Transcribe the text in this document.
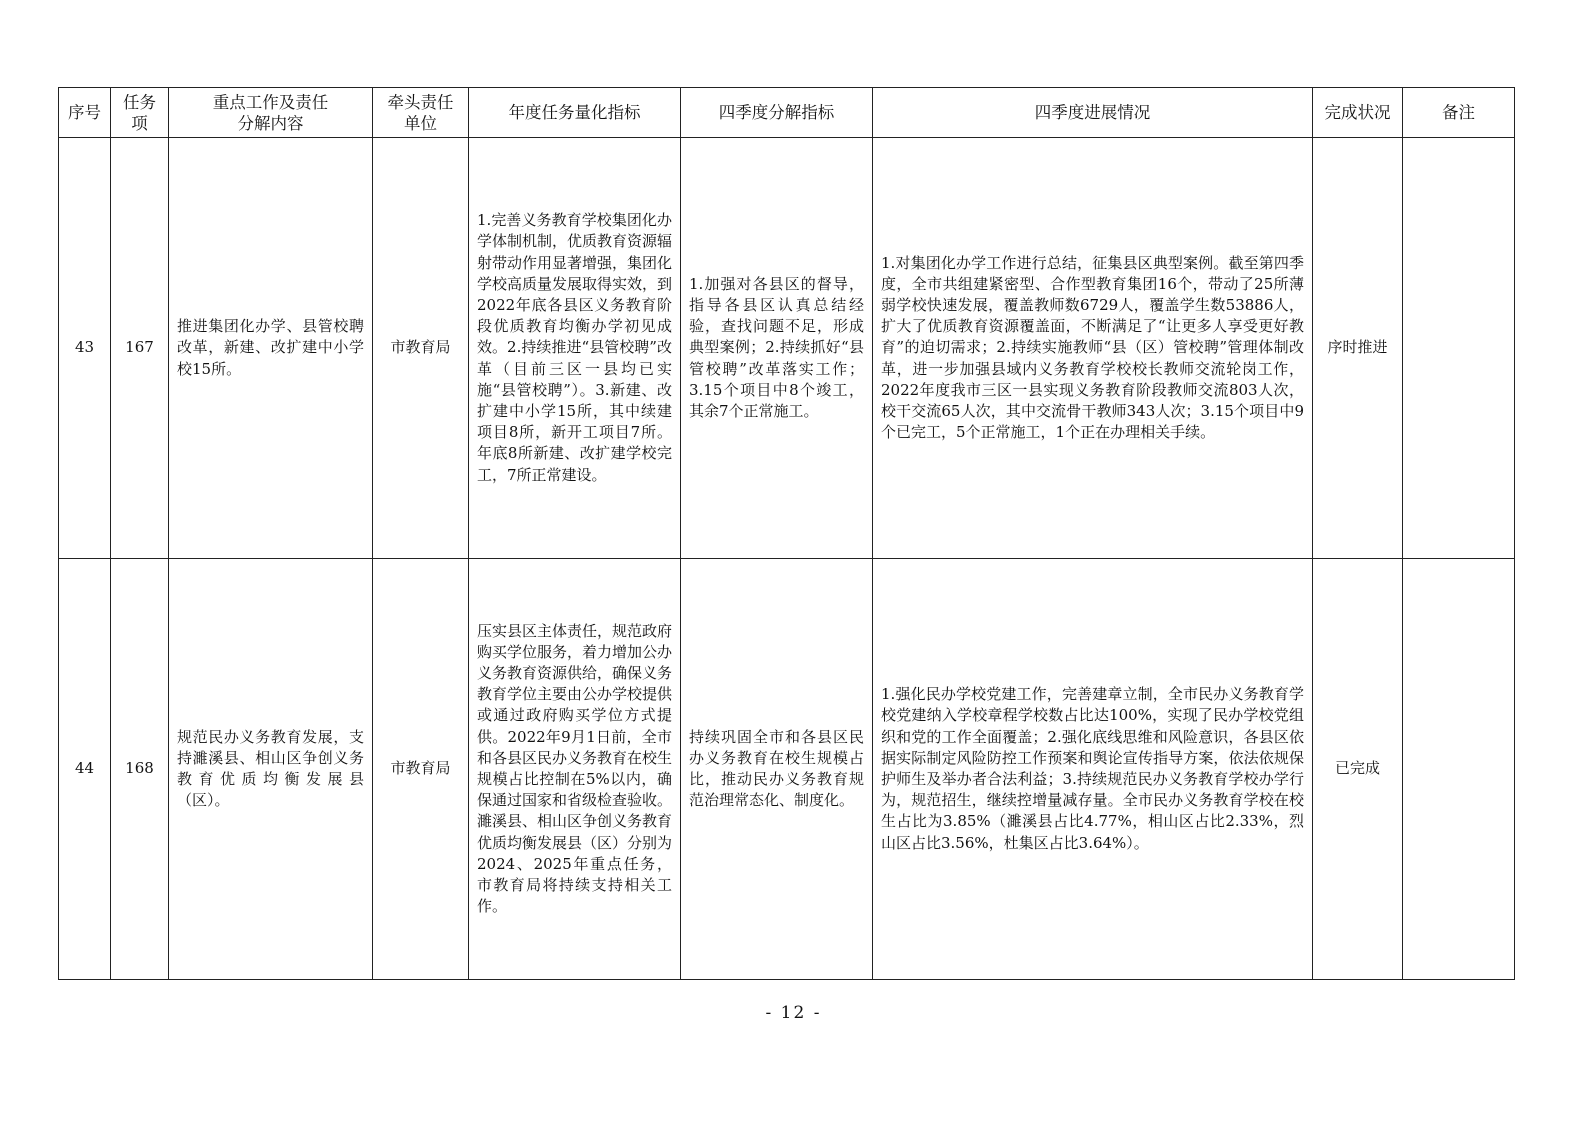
序号	任务项	重点工作及责任分解内容	牵头责任单位	年度任务量化指标	四季度分解指标	四季度进展情况	完成状况	备注
43	167	推进集团化办学、县管校聘改革，新建、改扩建中小学校15所。	市教育局	1.完善义务教育学校集团化办学体制机制，优质教育资源辐射带动作用显著增强，集团化学校高质量发展取得实效，到2022年底各县区义务教育阶段优质教育均衡办学初见成效。2.持续推进“县管校聘”改革（目前三区一县均已实施“县管校聘”）。3.新建、改扩建中小学15所，其中续建项目8所，新开工项目7所。年底8所新建、改扩建学校完工，7所正常建设。	1.加强对各县区的督导，指导各县区认真总结经验，查找问题不足，形成典型案例；2.持续抓好“县管校聘”改革落实工作；3.15个项目中8个竣工，其余7个正常施工。	1.对集团化办学工作进行总结，征集县区典型案例。截至第四季度，全市共组建紧密型、合作型教育集团16个，带动了25所薄弱学校快速发展，覆盖教师数6729人，覆盖学生数53886人，扩大了优质教育资源覆盖面，不断满足了“让更多人享受更好教育”的迫切需求；2.持续实施教师“县（区）管校聘”管理体制改革，进一步加强县域内义务教育学校校长教师交流轮岗工作，2022年度我市三区一县实现义务教育阶段教师交流803人次，校干交流65人次，其中交流骨干教师343人次；3.15个项目中9个已完工，5个正常施工，1个正在办理相关手续。	序时推进	
44	168	规范民办义务教育发展，支持濉溪县、相山区争创义务教育优质均衡发展县（区）。	市教育局	压实县区主体责任，规范政府购买学位服务，着力增加公办义务教育资源供给，确保义务教育学位主要由公办学校提供或通过政府购买学位方式提供。2022年9月1日前，全市和各县区民办义务教育在校生规模占比控制在5%以内，确保通过国家和省级检查验收。濉溪县、相山区争创义务教育优质均衡发展县（区）分别为2024、2025年重点任务，市教育局将持续支持相关工作。	持续巩固全市和各县区民办义务教育在校生规模占比，推动民办义务教育规范治理常态化、制度化。	1.强化民办学校党建工作，完善建章立制，全市民办义务教育学校党建纳入学校章程学校数占比达100%，实现了民办学校党组织和党的工作全面覆盖；2.强化底线思维和风险意识，各县区依据实际制定风险防控工作预案和舆论宣传指导方案，依法依规保护师生及举办者合法利益；3.持续规范民办义务教育学校办学行为，规范招生，继续控增量减存量。全市民办义务教育学校在校生占比为3.85%（濉溪县占比4.77%，相山区占比2.33%，烈山区占比3.56%，杜集区占比3.64%）。	已完成	
- 12 -
